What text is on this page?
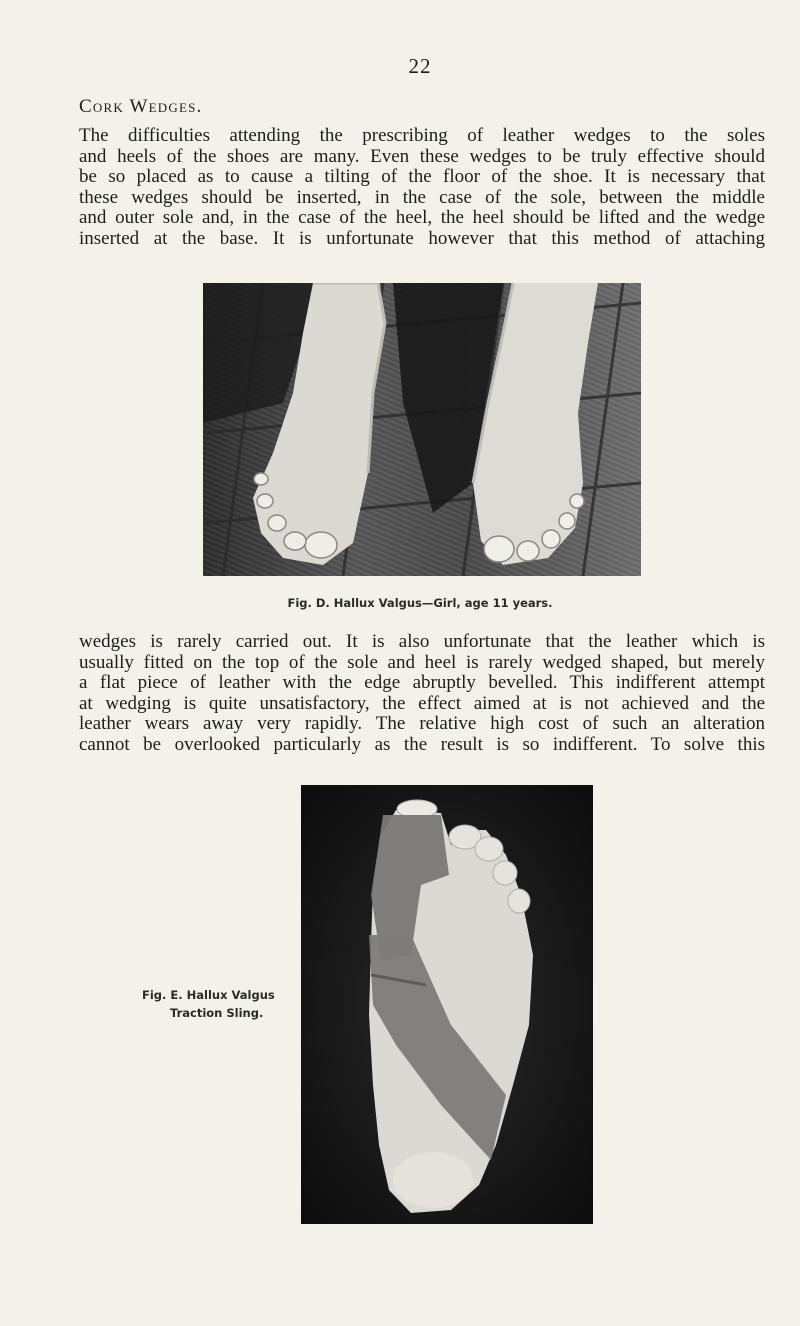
22
Cork Wedges.

The difficulties attending the prescribing of leather wedges to the soles
and heels of the shoes are many. Even these wedges to be truly effective should
be so placed as to cause a tilting of the floor of the shoe. It is necessary that
these wedges should be inserted, in the case of the sole, between the middle
and outer sole and, in the case of the heel, the heel should be lifted and the wedge
inserted at the base. It is unfortunate however that this method of attaching

Fig. D. Hallux Valgus—Girl, age 11 years.

wedges is rarely carried out. It is also unfortunate that the leather which is
usually fitted on the top of the sole and heel is rarely wedged shaped, but merely
a flat piece of leather with the edge abruptly bevelled. This indifferent attempt
at wedging is quite unsatisfactory, the effect aimed at is not achieved and the
leather wears away very rapidly. The relative high cost of such an alteration
cannot be overlooked particularly as the result is so indifferent. To solve this

Fig. E. Hallux Valgus
Traction Sling.
